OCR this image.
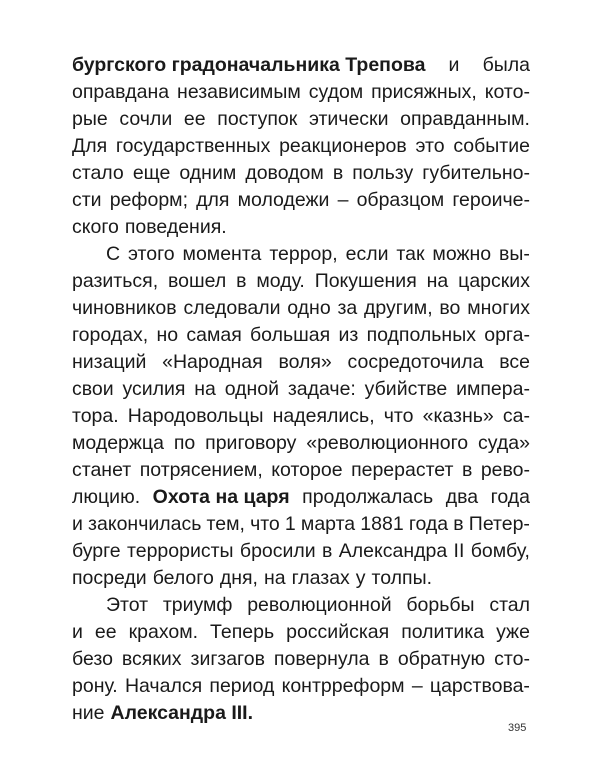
бургского градоначальника Трепова и была
оправдана независимым судом присяжных, кото-
рые сочли ее поступок этически оправданным.
Для государственных реакционеров это событие
стало еще одним доводом в пользу губительно-
сти реформ; для молодежи – образцом героиче-
ского поведения.
С этого момента террор, если так можно вы-
разиться, вошел в моду. Покушения на царских
чиновников следовали одно за другим, во многих
городах, но самая большая из подпольных орга-
низаций «Народная воля» сосредоточила все
свои усилия на одной задаче: убийстве импера-
тора. Народовольцы надеялись, что «казнь» са-
модержца по приговору «революционного суда»
станет потрясением, которое перерастет в рево-
люцию. Охота на царя продолжалась два года
и закончилась тем, что 1 марта 1881 года в Петер-
бурге террористы бросили в Александра II бомбу,
посреди белого дня, на глазах у толпы.
Этот триумф революционной борьбы стал
и ее крахом. Теперь российская политика уже
безо всяких зигзагов повернула в обратную сто-
рону. Начался период контрреформ – царствова-
ние Александра III.
395
